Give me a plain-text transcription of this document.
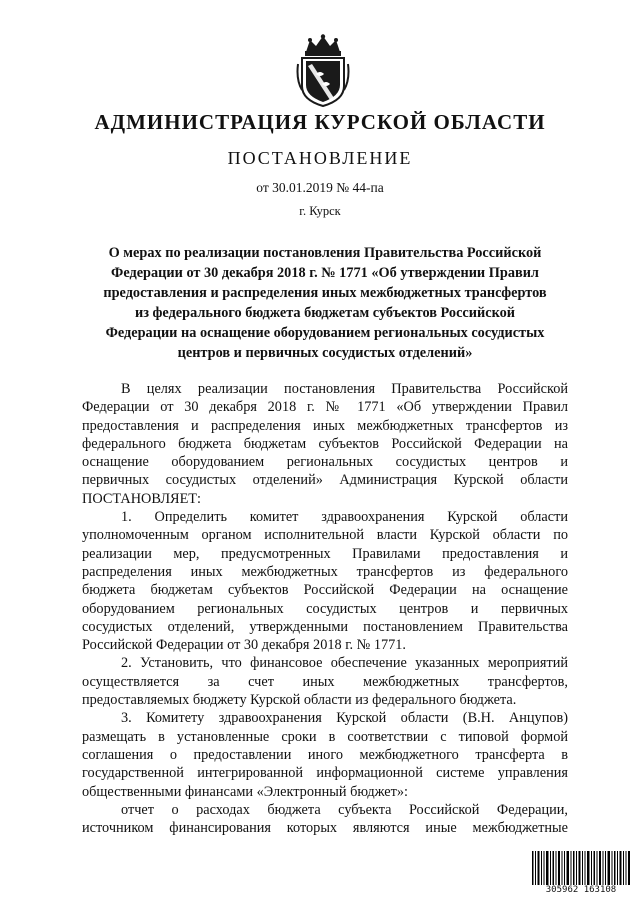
АДМИНИСТРАЦИЯ КУРСКОЙ ОБЛАСТИ
ПОСТАНОВЛЕНИЕ
от 30.01.2019 № 44-па
г. Курск
О мерах по реализации постановления Правительства Российской
Федерации от 30 декабря 2018 г. № 1771 «Об утверждении Правил
предоставления и распределения иных межбюджетных трансфертов
из федерального бюджета бюджетам субъектов Российской
Федерации на оснащение оборудованием региональных сосудистых
центров и первичных сосудистых отделений»
В целях реализации постановления Правительства Российской
Федерации от 30 декабря 2018 г. № 1771 «Об утверждении Правил
предоставления и распределения иных межбюджетных трансфертов из
федерального бюджета бюджетам субъектов Российской Федерации на
оснащение оборудованием региональных сосудистых центров и
первичных сосудистых отделений» Администрация Курской области
ПОСТАНОВЛЯЕТ:
1. Определить комитет здравоохранения Курской области
уполномоченным органом исполнительной власти Курской области по
реализации мер, предусмотренных Правилами предоставления и
распределения иных межбюджетных трансфертов из федерального
бюджета бюджетам субъектов Российской Федерации на оснащение
оборудованием региональных сосудистых центров и первичных
сосудистых отделений, утвержденными постановлением Правительства
Российской Федерации от 30 декабря 2018 г. № 1771.
2. Установить, что финансовое обеспечение указанных мероприятий
осуществляется за счет иных межбюджетных трансфертов,
предоставляемых бюджету Курской области из федерального бюджета.
3. Комитету здравоохранения Курской области (В.Н. Анцупов)
размещать в установленные сроки в соответствии с типовой формой
соглашения о предоставлении иного межбюджетного трансферта в
государственной интегрированной информационной системе управления
общественными финансами «Электронный бюджет»:
отчет о расходах бюджета субъекта Российской Федерации,
источником финансирования которых являются иные межбюджетные
305962 163108
